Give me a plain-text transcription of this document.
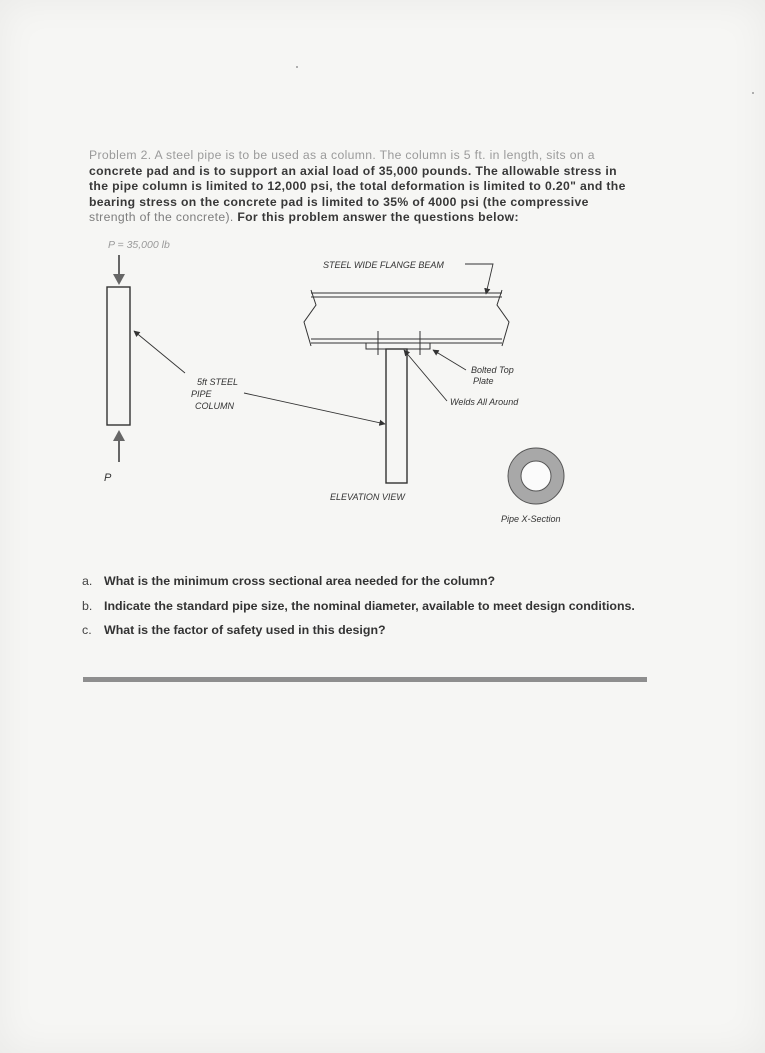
Problem 2. A steel pipe is to be used as a column. The column is 5 ft. in length, sits on a
concrete pad and is to support an axial load of 35,000 pounds. The allowable stress in
the pipe column is limited to 12,000 psi, the total deformation is limited to 0.20" and the
bearing stress on the concrete pad is limited to 35% of 4000 psi (the compressive
strength of the concrete). For this problem answer the questions below:
P = 35,000 lb
P
5ft STEEL
PIPE
COLUMN
STEEL WIDE FLANGE BEAM
Bolted Top
Plate
Welds All Around
ELEVATION VIEW
Pipe X-Section
a. What is the minimum cross sectional area needed for the column?
b. Indicate the standard pipe size, the nominal diameter, available to meet design conditions.
c. What is the factor of safety used in this design?
